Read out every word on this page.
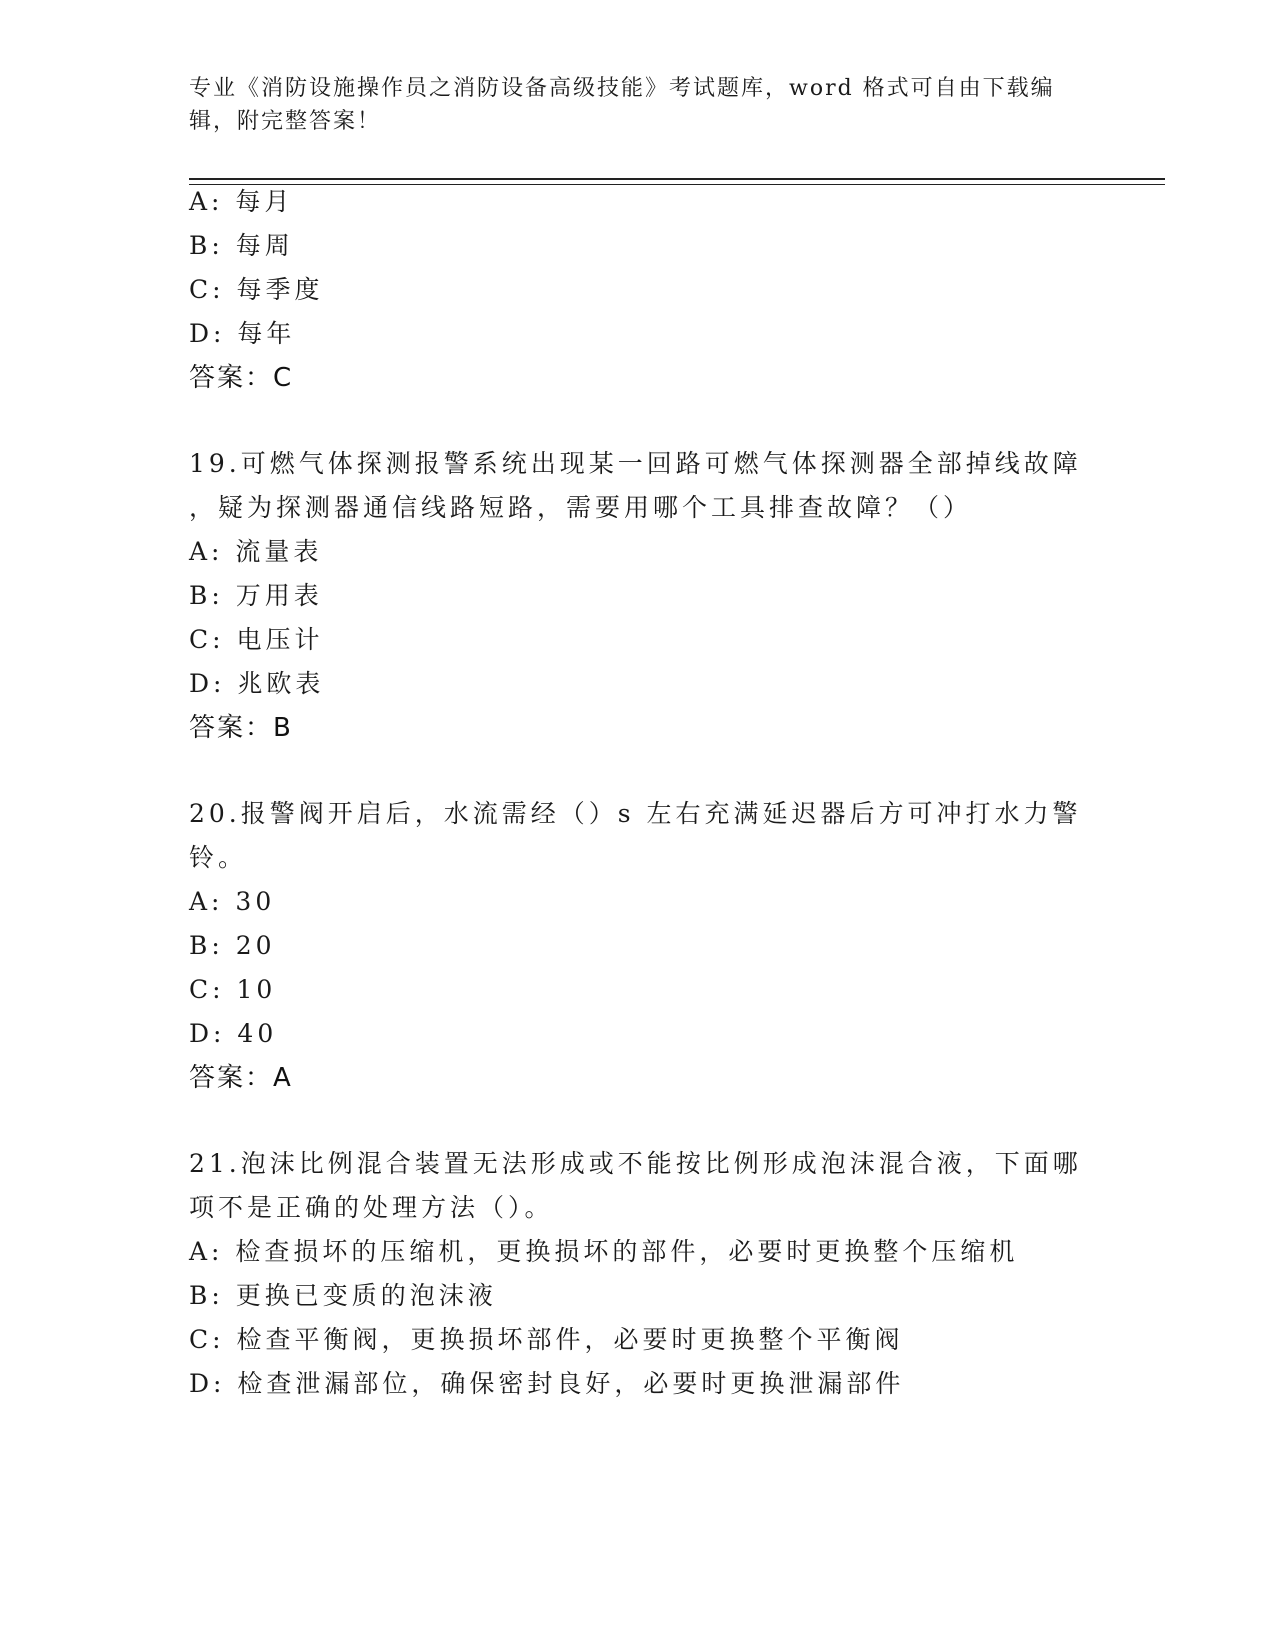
专业《消防设施操作员之消防设备高级技能》考试题库，word 格式可自由下载编
辑，附完整答案！
A: 每月
B: 每周
C: 每季度
D: 每年
答案：C
19.可燃气体探测报警系统出现某一回路可燃气体探测器全部掉线故障
，疑为探测器通信线路短路，需要用哪个工具排查故障？（）
A: 流量表
B: 万用表
C: 电压计
D: 兆欧表
答案：B
20.报警阀开启后，水流需经（）s 左右充满延迟器后方可冲打水力警
铃。
A: 30
B: 20
C: 10
D: 40
答案：A
21.泡沫比例混合装置无法形成或不能按比例形成泡沫混合液，下面哪
项不是正确的处理方法（）。
A: 检查损坏的压缩机，更换损坏的部件，必要时更换整个压缩机
B: 更换已变质的泡沫液
C: 检查平衡阀，更换损坏部件，必要时更换整个平衡阀
D: 检查泄漏部位，确保密封良好，必要时更换泄漏部件
